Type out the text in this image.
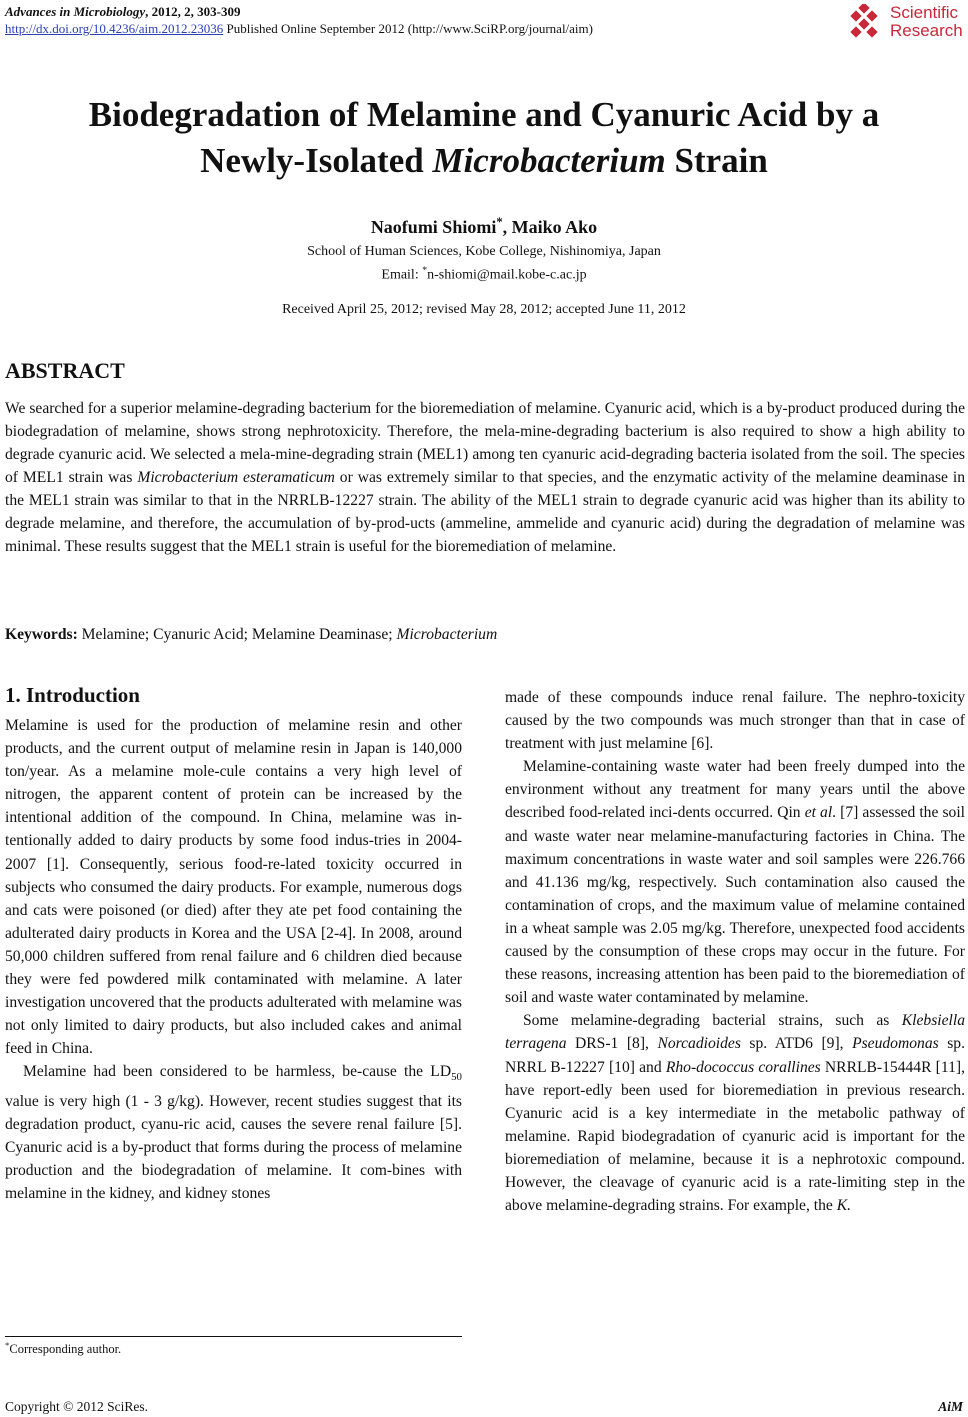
Advances in Microbiology, 2012, 2, 303-309
http://dx.doi.org/10.4236/aim.2012.23036 Published Online September 2012 (http://www.SciRP.org/journal/aim)
Scientific
Research
Biodegradation of Melamine and Cyanuric Acid by a
Newly-Isolated Microbacterium Strain
Naofumi Shiomi*, Maiko Ako
School of Human Sciences, Kobe College, Nishinomiya, Japan
Email: *n-shiomi@mail.kobe-c.ac.jp
Received April 25, 2012; revised May 28, 2012; accepted June 11, 2012
ABSTRACT
We searched for a superior melamine-degrading bacterium for the bioremediation of melamine. Cyanuric acid, which is a by-product produced during the biodegradation of melamine, shows strong nephrotoxicity. Therefore, the mela-mine-degrading bacterium is also required to show a high ability to degrade cyanuric acid. We selected a mela-mine-degrading strain (MEL1) among ten cyanuric acid-degrading bacteria isolated from the soil. The species of MEL1 strain was Microbacterium esteramaticum or was extremely similar to that species, and the enzymatic activity of the melamine deaminase in the MEL1 strain was similar to that in the NRRLB-12227 strain. The ability of the MEL1 strain to degrade cyanuric acid was higher than its ability to degrade melamine, and therefore, the accumulation of by-prod-ucts (ammeline, ammelide and cyanuric acid) during the degradation of melamine was minimal. These results suggest that the MEL1 strain is useful for the bioremediation of melamine.
Keywords: Melamine; Cyanuric Acid; Melamine Deaminase; Microbacterium

1. Introduction

Melamine is used for the production of melamine resin and other products, and the current output of melamine resin in Japan is 140,000 ton/year. As a melamine mole-cule contains a very high level of nitrogen, the apparent content of protein can be increased by the intentional addition of the compound. In China, melamine was in-tentionally added to dairy products by some food indus-tries in 2004-2007 [1]. Consequently, serious food-re-lated toxicity occurred in subjects who consumed the dairy products. For example, numerous dogs and cats were poisoned (or died) after they ate pet food containing the adulterated dairy products in Korea and the USA [2-4]. In 2008, around 50,000 children suffered from renal failure and 6 children died because they were fed powdered milk contaminated with melamine. A later investigation uncovered that the products adulterated with melamine was not only limited to dairy products, but also included cakes and animal feed in China.

Melamine had been considered to be harmless, be-cause the $LD_{50}$ value is very high (1 - 3 g/kg). However, recent studies suggest that its degradation product, cyanu-ric acid, causes the severe renal failure [5]. Cyanuric acid is a by-product that forms during the process of melamine production and the biodegradation of melamine. It com-bines with melamine in the kidney, and kidney stones

made of these compounds induce renal failure. The nephro-toxicity caused by the two compounds was much stronger than that in case of treatment with just melamine [6].

Melamine-containing waste water had been freely dumped into the environment without any treatment for many years until the above described food-related inci-dents occurred. Qin et al. [7] assessed the soil and waste water near melamine-manufacturing factories in China. The maximum concentrations in waste water and soil samples were 226.766 and 41.136 mg/kg, respectively. Such contamination also caused the contamination of crops, and the maximum value of melamine contained in a wheat sample was 2.05 mg/kg. Therefore, unexpected food accidents caused by the consumption of these crops may occur in the future. For these reasons, increasing attention has been paid to the bioremediation of soil and waste water contaminated by melamine.

Some melamine-degrading bacterial strains, such as Klebsiella terragena DRS-1 [8], Norcadioides sp. ATD6 [9], Pseudomonas sp. NRRL B-12227 [10] and Rho-dococcus corallines NRRLB-15444R [11], have report-edly been used for bioremediation in previous research. Cyanuric acid is a key intermediate in the metabolic pathway of melamine. Rapid biodegradation of cyanuric acid is important for the bioremediation of melamine, because it is a nephrotoxic compound. However, the cleavage of cyanuric acid is a rate-limiting step in the above melamine-degrading strains. For example, the K.

*Corresponding author.
Copyright © 2012 SciRes.	AiM
